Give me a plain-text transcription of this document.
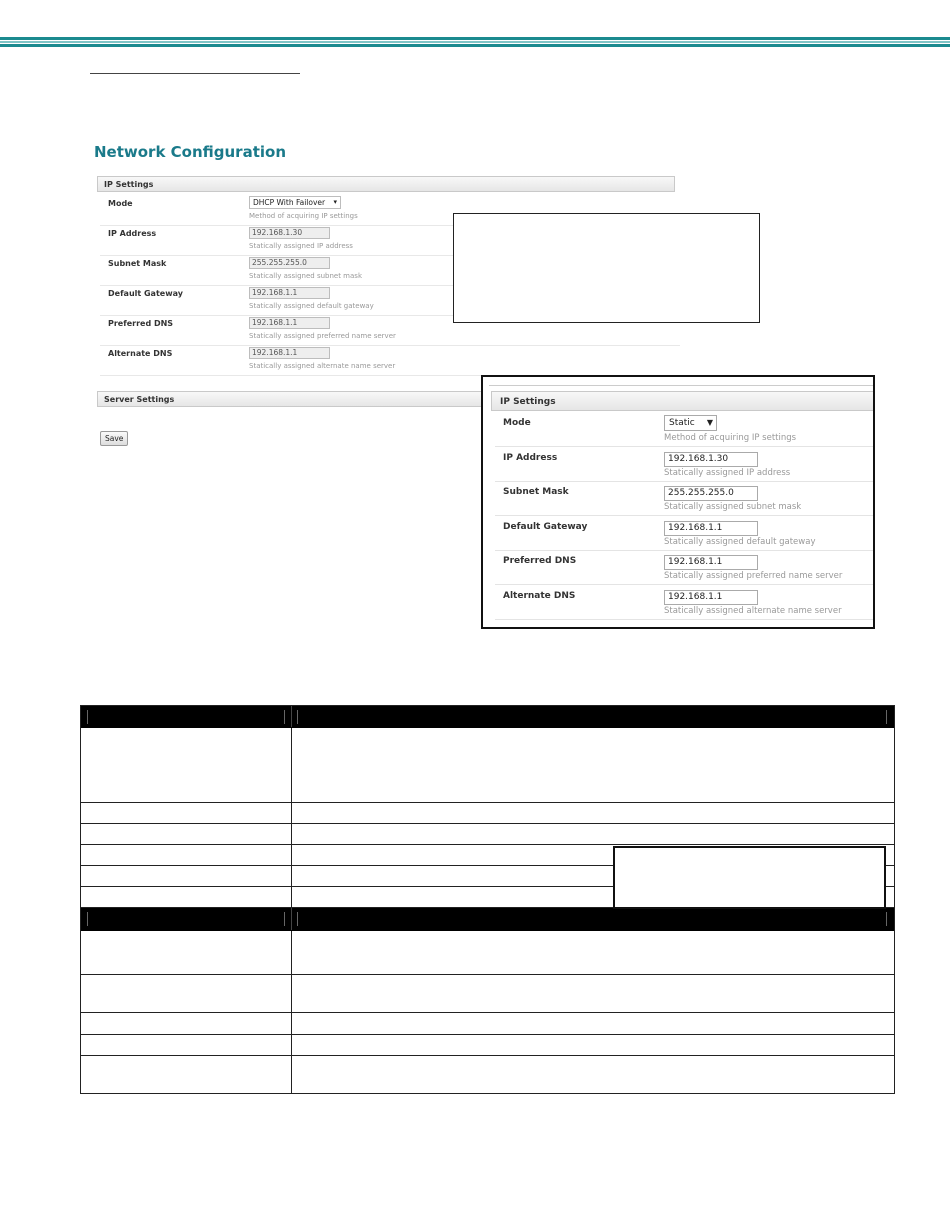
Network Configuration
IP Settings
Mode	DHCP With Failover ▾
Method of acquiring IP settings
IP Address	192.168.1.30
Statically assigned IP address
Subnet Mask	255.255.255.0
Statically assigned subnet mask
Default Gateway	192.168.1.1
Statically assigned default gateway
Preferred DNS	192.168.1.1
Statically assigned preferred name server
Alternate DNS	192.168.1.1
Statically assigned alternate name server
Server Settings
Save
IP Settings
Mode	Static ▼
Method of acquiring IP settings
IP Address	192.168.1.30
Statically assigned IP address
Subnet Mask	255.255.255.0
Statically assigned subnet mask
Default Gateway	192.168.1.1
Statically assigned default gateway
Preferred DNS	192.168.1.1
Statically assigned preferred name server
Alternate DNS	192.168.1.1
Statically assigned alternate name server
